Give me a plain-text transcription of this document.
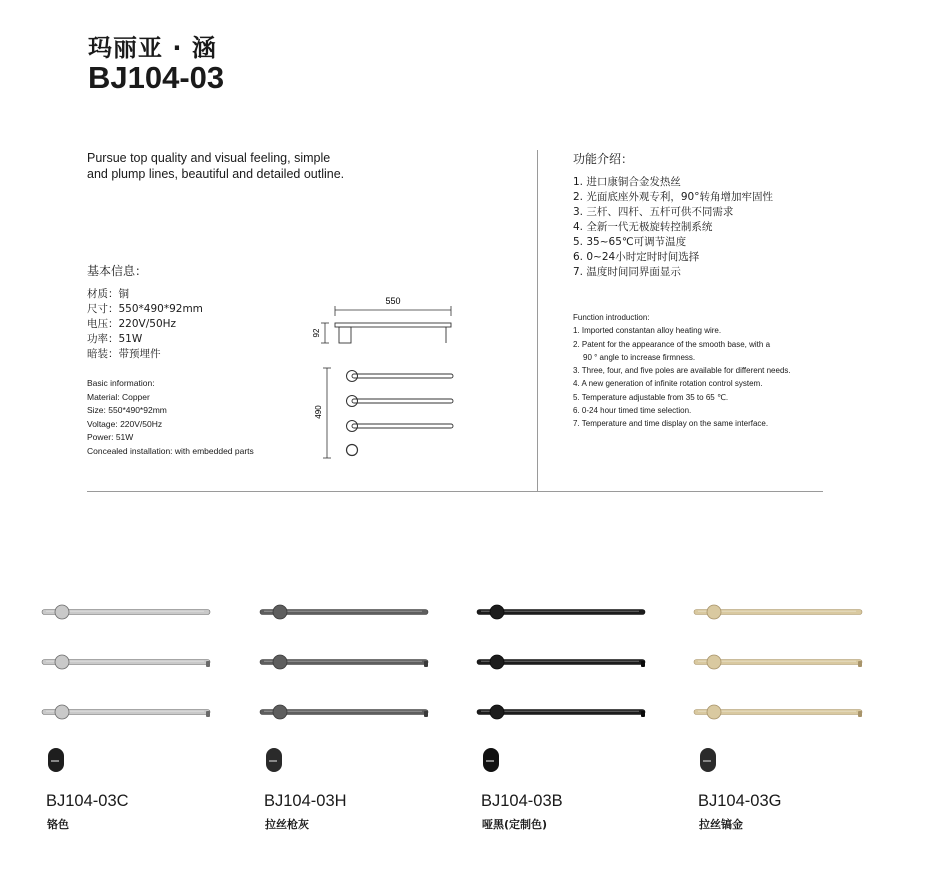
玛丽亚 · 涵
BJ104-03
Pursue top quality and visual feeling, simple
and plump lines, beautiful and detailed outline.
基本信息：
材质：铜
尺寸：550*490*92mm
电压：220V/50Hz
功率：51W
暗装：带预埋件
Basic information:
Material: Copper
Size: 550*490*92mm
Voltage: 220V/50Hz
Power: 51W
Concealed installation: with embedded parts
550
92
490
功能介绍：
1. 进口康铜合金发热丝
2. 光面底座外观专利，90°转角增加牢固性
3. 三杆、四杆、五杆可供不同需求
4. 全新一代无极旋转控制系统
5. 35~65℃可调节温度
6. 0~24小时定时时间选择
7. 温度时间同界面显示
Function introduction:
1. Imported constantan alloy heating wire.
2. Patent for the appearance of the smooth base, with a
90 ° angle to increase firmness.
3. Three, four, and five poles are available for different needs.
4. A new generation of infinite rotation control system.
5. Temperature adjustable from 35 to 65 ℃.
6. 0-24 hour timed time selection.
7. Temperature and time display on the same interface.
BJ104-03C
铬色
BJ104-03H
拉丝枪灰
BJ104-03B
哑黑(定制色)
BJ104-03G
拉丝镐金
